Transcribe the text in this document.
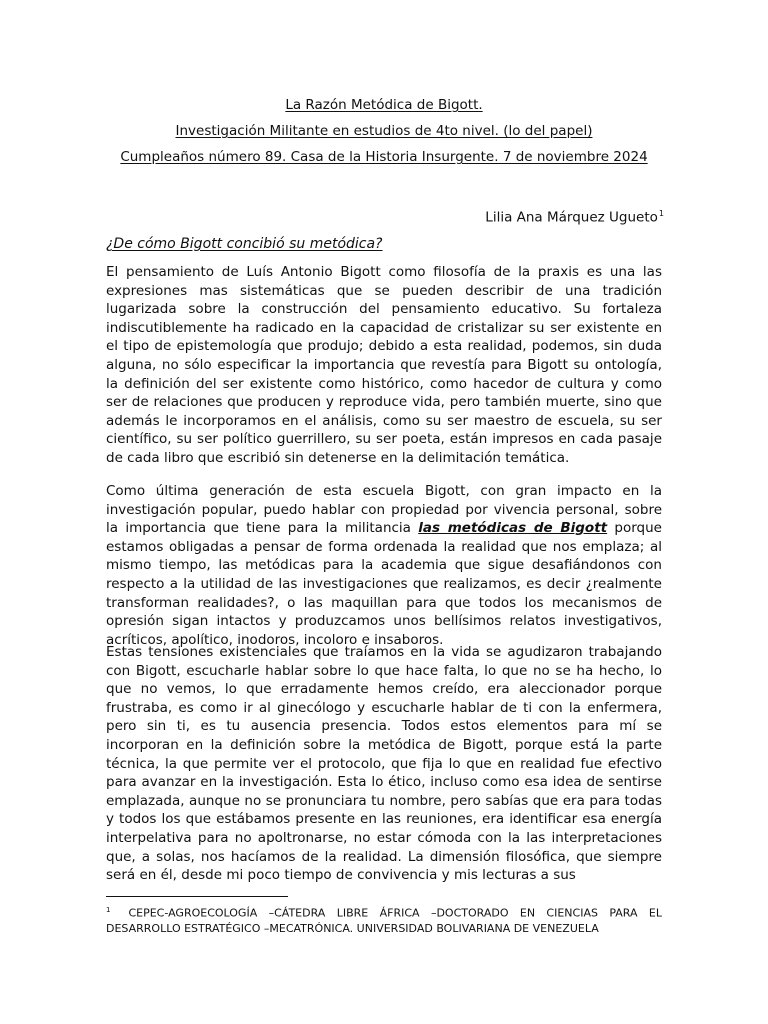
La Razón Metódica de Bigott.
Investigación Militante en estudios de 4to nivel. (lo del papel)
Cumpleaños número 89. Casa de la Historia Insurgente. 7 de noviembre 2024
Lilia Ana Márquez Ugueto$^1$
¿De cómo Bigott concibió su metódica?

El pensamiento de Luís Antonio Bigott como filosofía de la praxis es una las expresiones mas sistemáticas que se pueden describir de una tradición lugarizada sobre la construcción del pensamiento educativo. Su fortaleza indiscutiblemente ha radicado en la capacidad de cristalizar su ser existente en el tipo de epistemología que produjo; debido a esta realidad, podemos, sin duda alguna, no sólo especificar la importancia que revestía para Bigott su ontología, la definición del ser existente como histórico, como hacedor de cultura y como ser de relaciones que producen y reproduce vida, pero también muerte, sino que además le incorporamos en el análisis, como su ser maestro de escuela, su ser científico, su ser político guerrillero, su ser poeta, están impresos en cada pasaje de cada libro que escribió sin detenerse en la delimitación temática.

Como última generación de esta escuela Bigott, con gran impacto en la investigación popular, puedo hablar con propiedad por vivencia personal, sobre la importancia que tiene para la militancia las metódicas de Bigott porque estamos obligadas a pensar de forma ordenada la realidad que nos emplaza; al mismo tiempo, las metódicas para la academia que sigue desafiándonos con respecto a la utilidad de las investigaciones que realizamos, es decir ¿realmente transforman realidades?, o las maquillan para que todos los mecanismos de opresión sigan intactos y produzcamos unos bellísimos relatos investigativos, acríticos, apolítico, inodoros, incoloro e insaboros.

Estas tensiones existenciales que traíamos en la vida se agudizaron trabajando con Bigott, escucharle hablar sobre lo que hace falta, lo que no se ha hecho, lo que no vemos, lo que erradamente hemos creído, era aleccionador porque frustraba, es como ir al ginecólogo y escucharle hablar de ti con la enfermera, pero sin ti, es tu ausencia presencia. Todos estos elementos para mí se incorporan en la definición sobre la metódica de Bigott, porque está la parte técnica, la que permite ver el protocolo, que fija lo que en realidad fue efectivo para avanzar en la investigación. Esta lo ético, incluso como esa idea de sentirse emplazada, aunque no se pronunciara tu nombre, pero sabías que era para todas y todos los que estábamos presente en las reuniones, era identificar esa energía interpelativa para no apoltronarse, no estar cómoda con la las interpretaciones que, a solas, nos hacíamos de la realidad. La dimensión filosófica, que siempre será en él, desde mi poco tiempo de convivencia y mis lecturas a sus

$^1$ CEPEC-AGROECOLOGÍA –CÁTEDRA LIBRE ÁFRICA –DOCTORADO EN CIENCIAS PARA EL DESARROLLO ESTRATÉGICO –MECATRÓNICA. UNIVERSIDAD BOLIVARIANA DE VENEZUELA
